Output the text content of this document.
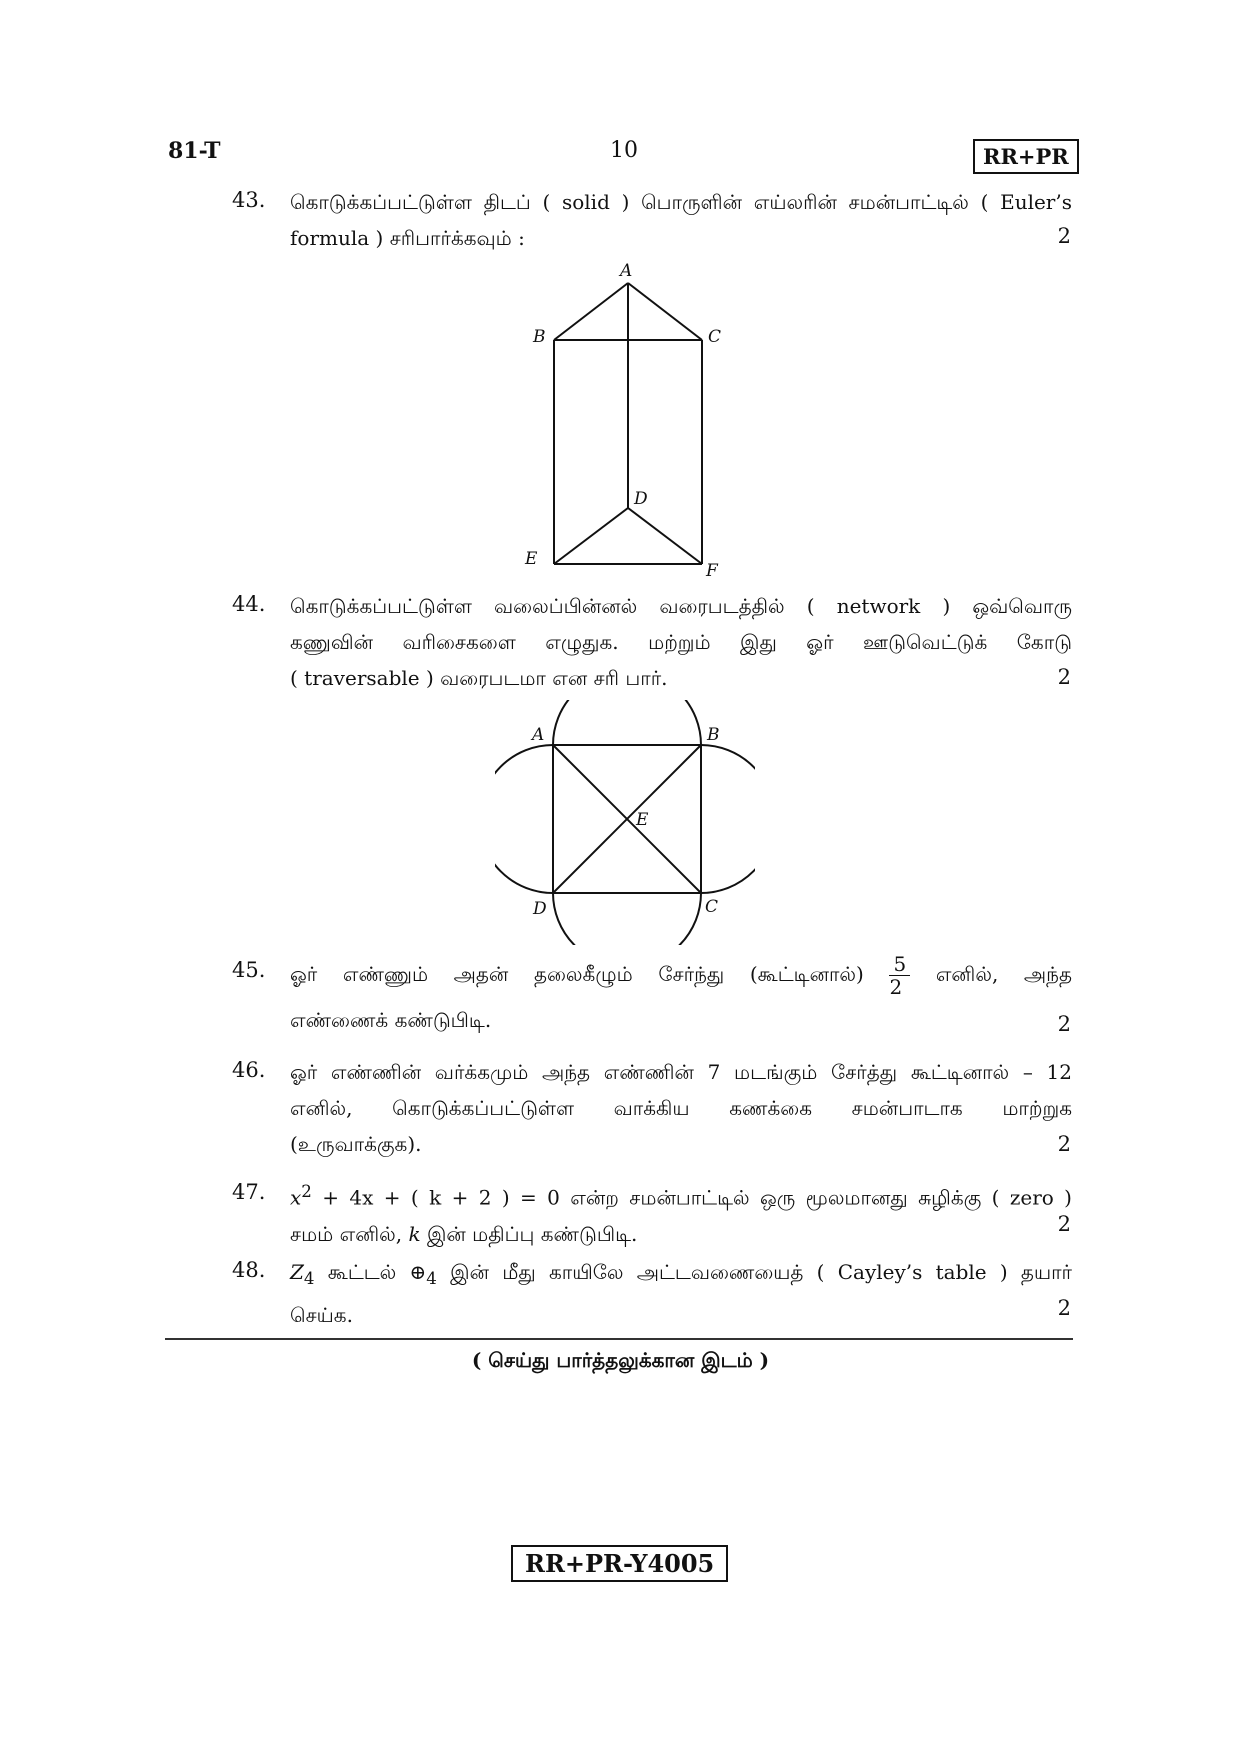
81-T	10	RR+PR
43. கொடுக்கப்பட்டுள்ள திடப் ( solid ) பொருளின் எய்லரின் சமன்பாட்டில் ( Euler’s
formula ) சரிபார்க்கவும் :	2
A
B	C
D
E
F
44. கொடுக்கப்பட்டுள்ள வலைப்பின்னல் வரைபடத்தில் ( network ) ஒவ்வொரு
கணுவின் வரிசைகளை எழுதுக. மற்றும் இது ஓர் ஊடுவெட்டுக் கோடு
( traversable ) வரைபடமா என சரி பார்.	2
A	B
C
D
E
45. ஓர் எண்ணும் அதன் தலைகீழும் சேர்ந்து (கூட்டினால்) $\frac{5}{2}$ எனில், அந்த
எண்ணைக் கண்டுபிடி.	2
46. ஓர் எண்ணின் வர்க்கமும் அந்த எண்ணின் 7 மடங்கும் சேர்த்து கூட்டினால் – 12
எனில், கொடுக்கப்பட்டுள்ள வாக்கிய கணக்கை சமன்பாடாக மாற்றுக
(உருவாக்குக).	2
47. $x^2 + 4x$ + ( k + 2 ) = 0 என்ற சமன்பாட்டில் ஒரு மூலமானது சுழிக்கு ( zero )
சமம் எனில், k இன் மதிப்பு கண்டுபிடி.	2
48. $Z_4$ கூட்டல் $\oplus_4$ இன் மீது காயிலே அட்டவணையைத் ( Cayley’s table ) தயார்
செய்க.	2
( செய்து பார்த்தலுக்கான இடம் )
RR+PR-Y4005
